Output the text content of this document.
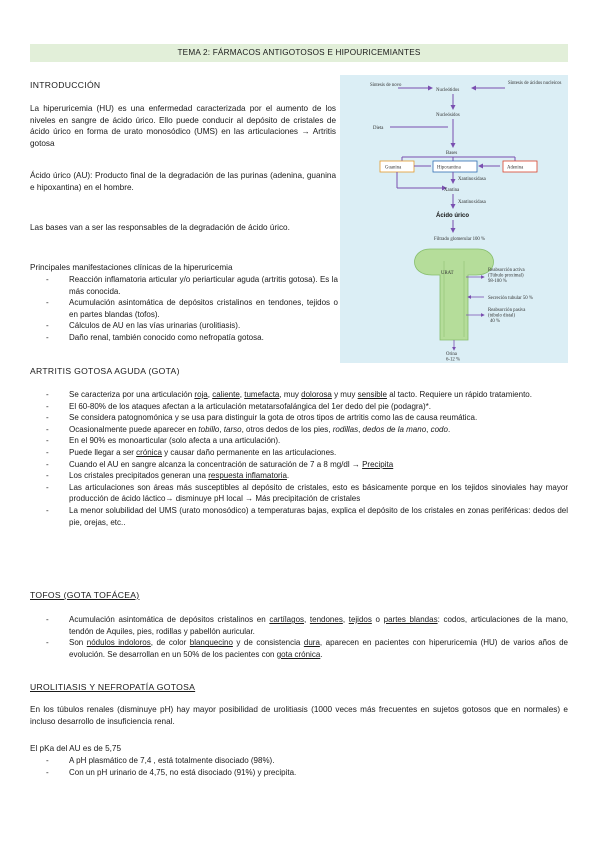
TEMA 2: FÁRMACOS ANTIGOTOSOS E HIPOURICEMIANTES
INTRODUCCIÓN
La hiperuricemia (HU) es una enfermedad caracterizada por el aumento de los niveles en sangre de ácido úrico. Ello puede conducir al depósito de cristales de ácido úrico en forma de urato monosódico (UMS) en las articulaciones → Artritis gotosa
Ácido úrico (AU): Producto final de la degradación de las purinas (adenina, guanina e hipoxantina) en el hombre.
Las bases van a ser las responsables de la degradación de ácido úrico.
Principales manifestaciones clínicas de la hiperuricemia
- Reacción inflamatoria articular y/o periarticular aguda (artritis gotosa). Es la más conocida.
- Acumulación asintomática de depósitos cristalinos en tendones, tejidos o en partes blandas (tofos).
- Cálculos de AU en las vías urinarias (urolitiasis).
- Daño renal, también conocido como nefropatía gotosa.
Síntesis de novo	Síntesis de ácidos nucleicos
Nucleótidos
Nucleósidos
Dieta
Bases
Guanina	Hipoxantina	Adenina
Xantinoxidasa
Xantina
Xantinoxidasa
Ácido úrico
Filtrado glomerular 100 %
URAT
Reabsorción activa (Túbulo proximal) 98-100 %
Secreción tubular 50 %
Reabsorción pasiva (túbulo distal) 40 %
Orina 6-12 %
ARTRITIS GOTOSA AGUDA (GOTA)
- Se caracteriza por una articulación roja, caliente, tumefacta, muy dolorosa y muy sensible al tacto. Requiere un rápido tratamiento.
- El 60-80% de los ataques afectan a la articulación metatarsofalángica del 1er dedo del pie (podagra)*.
- Se considera patognomónica y se usa para distinguir la gota de otros tipos de artritis como las de causa reumática.
- Ocasionalmente puede aparecer en tobillo, tarso, otros dedos de los pies, rodillas, dedos de la mano, codo.
- En el 90% es monoarticular (solo afecta a una articulación).
- Puede llegar a ser crónica y causar daño permanente en las articulaciones.
- Cuando el AU en sangre alcanza la concentración de saturación de 7 a 8 mg/dl → Precipita
- Los cristales precipitados generan una respuesta inflamatoria.
- Las articulaciones son áreas más susceptibles al depósito de cristales, esto es básicamente porque en los tejidos sinoviales hay mayor producción de ácido láctico→ disminuye pH local → Más precipitación de cristales
- La menor solubilidad del UMS (urato monosódico) a temperaturas bajas, explica el depósito de los cristales en zonas periféricas: dedos del pie, orejas, etc..
TOFOS (GOTA TOFÁCEA)
- Acumulación asintomática de depósitos cristalinos en cartílagos, tendones, tejidos o partes blandas: codos, articulaciones de la mano, tendón de Aquiles, pies, rodillas y pabellón auricular.
- Son nódulos indoloros, de color blanquecino y de consistencia dura, aparecen en pacientes con hiperuricemia (HU) de varios años de evolución. Se desarrollan en un 50% de los pacientes con gota crónica.
UROLITIASIS Y NEFROPATÍA GOTOSA
En los túbulos renales (disminuye pH) hay mayor posibilidad de urolitiasis (1000 veces más frecuentes en sujetos gotosos que en normales) e incluso desarrollo de insuficiencia renal.
El pKa del AU es de 5,75
- A pH plasmático de 7,4 , está totalmente disociado (98%).
- Con un pH urinario de 4,75, no está disociado (91%) y precipita.
